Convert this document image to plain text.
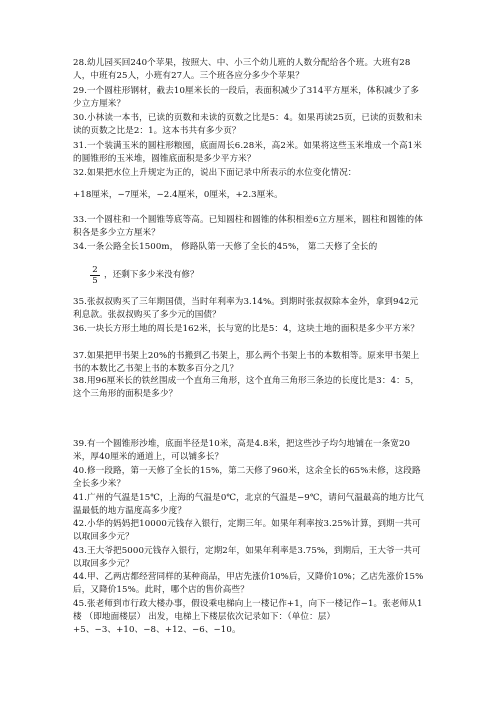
28.幼儿园买回240个苹果，按照大、中、小三个幼儿班的人数分配给各个班。大班有28人，中班有25人，小班有27人。三个班各应分多少个苹果？
29.一个圆柱形钢材，截去10厘米长的一段后，表面积减少了314平方厘米，体积减少了多少立方厘米？
30.小林读一本书，已读的页数和未读的页数之比是5：4。如果再读25页，已读的页数和未读的页数之比是2：1。这本书共有多少页？
31.一个装满玉米的圆柱形粮囤，底面周长6.28米，高2米。如果将这些玉米堆成一个高1米的圆锥形的玉米堆，圆锥底面积是多少平方米？
32.如果把水位上升规定为正的，说出下面记录中所表示的水位变化情况：
+18厘米，−7厘米，−2.4厘米，0厘米，+2.3厘米。
33.一个圆柱和一个圆锥等底等高。已知圆柱和圆锥的体积相差6立方厘米，圆柱和圆锥的体积各是多少立方厘米？
34.一条公路全长1500m， 修路队第一天修了全长的45%， 第二天修了全长的
$\frac{2}{5}$ ，还剩下多少米没有修？
35.张叔叔购买了三年期国债，当时年利率为3.14%。到期时张叔叔除本金外，拿到942元利息款。张叔叔购买了多少元的国债？
36.一块长方形土地的周长是162米，长与宽的比是5：4，这块土地的面积是多少平方米？
37.如果把甲书架上20%的书搬到乙书架上，那么两个书架上书的本数相等。原来甲书架上书的本数比乙书架上书的本数多百分之几？
38.用96厘米长的铁丝围成一个直角三角形，这个直角三角形三条边的长度比是3：4：5，这个三角形的面积是多少？
39.有一个圆锥形沙堆，底面半径是10米，高是4.8米，把这些沙子均匀地铺在一条宽20米，厚40厘米的通道上，可以铺多长？
40.修一段路，第一天修了全长的15%，第二天修了960米，这余全长的65%未修，这段路全长多少米？
41.广州的气温是15℃，上海的气温是0℃，北京的气温是−9℃，请问气温最高的地方比气温最低的地方温度高多少度？
42.小华的妈妈把10000元钱存入银行，定期三年。如果年利率按3.25%计算，到期一共可以取回多少元？
43.王大爷把5000元钱存入银行，定期2年，如果年利率是3.75%，到期后，王大爷一共可以取回多少元？
44.甲、乙两店都经营同样的某种商品，甲店先涨价10%后，又降价10%；乙店先涨价15%后，又降价15%。此时，哪个店的售价高些？
45.张老师到市行政大楼办事，假设乘电梯向上一楼记作+1，向下一楼记作−1。张老师从1楼 （即地面楼层） 出发，电梯上下楼层依次记录如下：（单位：层）+5、−3、+10、−8、+12、−6、−10。
